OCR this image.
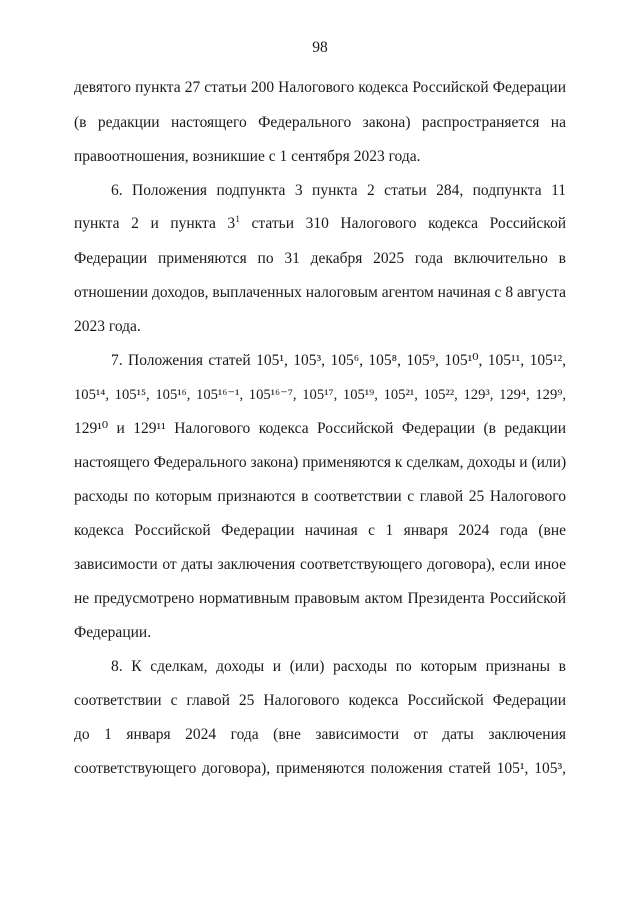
98
девятого пункта 27 статьи 200 Налогового кодекса Российской Федерации
(в редакции настоящего Федерального закона) распространяется на
правоотношения, возникшие с 1 сентября 2023 года.
6. Положения подпункта 3 пункта 2 статьи 284, подпункта 11
пункта 2 и пункта $3^1$ статьи 310 Налогового кодекса Российской
Федерации применяются по 31 декабря 2025 года включительно в
отношении доходов, выплаченных налоговым агентом начиная с 8 августа
2023 года.
7. Положения статей 105¹, 105³, 105⁶, 105⁸, 105⁹, 105¹⁰, 105¹¹, 105¹²,
105¹⁴, 105¹⁵, 105¹⁶, 105¹⁶⁻¹, 105¹⁶⁻⁷, 105¹⁷, 105¹⁹, 105²¹, 105²², 129³, 129⁴, 129⁹,
129¹⁰ и 129¹¹ Налогового кодекса Российской Федерации (в редакции
настоящего Федерального закона) применяются к сделкам, доходы и (или)
расходы по которым признаются в соответствии с главой 25 Налогового
кодекса Российской Федерации начиная с 1 января 2024 года (вне
зависимости от даты заключения соответствующего договора), если иное
не предусмотрено нормативным правовым актом Президента Российской
Федерации.
8. К сделкам, доходы и (или) расходы по которым признаны в
соответствии с главой 25 Налогового кодекса Российской Федерации
до 1 января 2024 года (вне зависимости от даты заключения
соответствующего договора), применяются положения статей 105¹, 105³,
